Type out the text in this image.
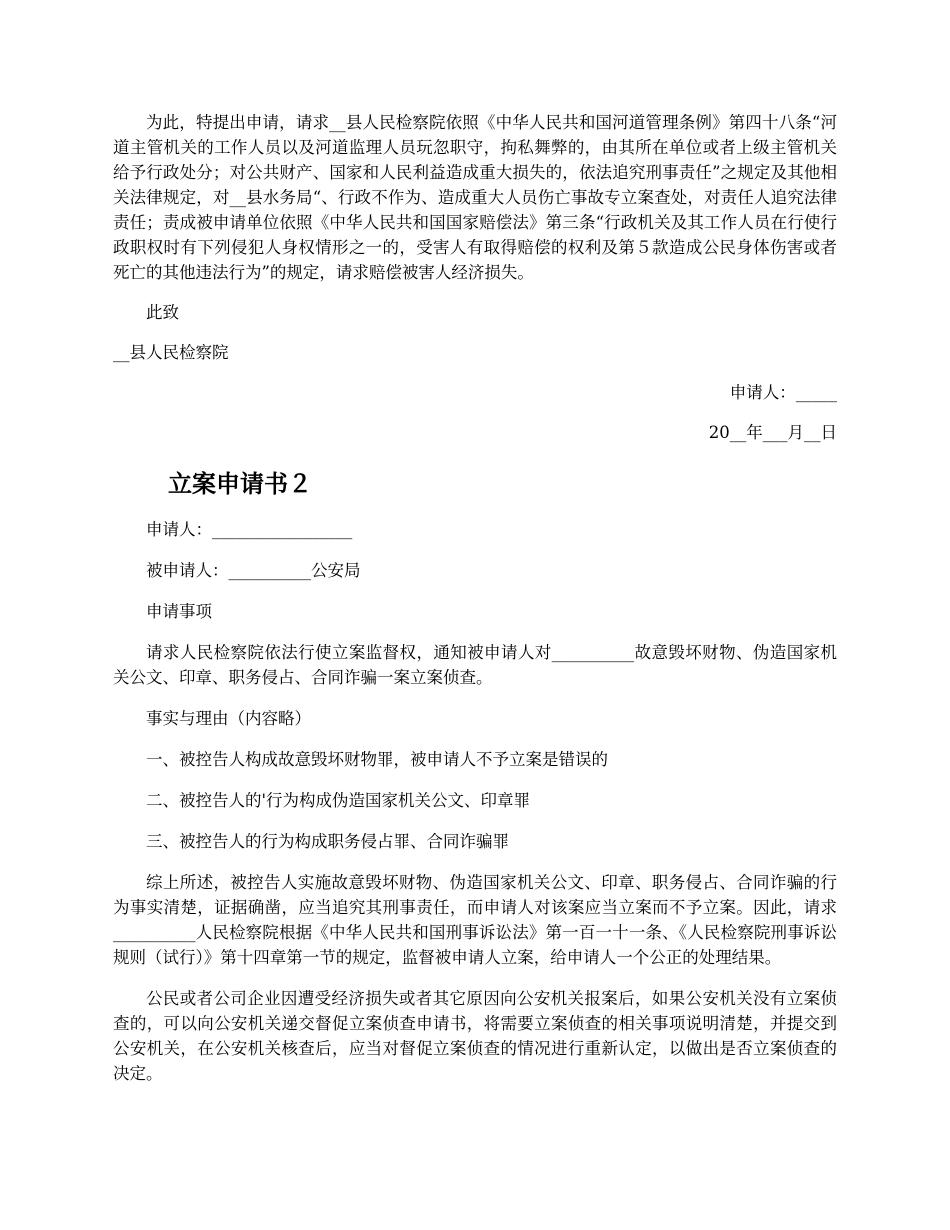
为此，特提出申请，请求__县人民检察院依照《中华人民共和国河道管理条例》第四十八条“河道主管机关的工作人员以及河道监理人员玩忽职守，拘私舞弊的，由其所在单位或者上级主管机关给予行政处分；对公共财产、国家和人民利益造成重大损失的，依法追究刑事责任”之规定及其他相关法律规定，对__县水务局“、行政不作为、造成重大人员伤亡事故专立案查处，对责任人追究法律责任；责成被申请单位依照《中华人民共和国国家赔偿法》第三条“行政机关及其工作人员在行使行政职权时有下列侵犯人身权情形之一的，受害人有取得赔偿的权利及第５款造成公民身体伤害或者死亡的其他违法行为”的规定，请求赔偿被害人经济损失。

此致

__县人民检察院

申请人：_____

20__年___月__日

立案申请书２

申请人：_________________

被申请人：__________公安局

申请事项

请求人民检察院依法行使立案监督权，通知被申请人对__________故意毁坏财物、伪造国家机关公文、印章、职务侵占、合同诈骗一案立案侦查。

事实与理由（内容略）

一、被控告人构成故意毁坏财物罪，被申请人不予立案是错误的

二、被控告人的'行为构成伪造国家机关公文、印章罪

三、被控告人的行为构成职务侵占罪、合同诈骗罪

综上所述，被控告人实施故意毁坏财物、伪造国家机关公文、印章、职务侵占、合同诈骗的行为事实清楚，证据确凿，应当追究其刑事责任，而申请人对该案应当立案而不予立案。因此，请求__________人民检察院根据《中华人民共和国刑事诉讼法》第一百一十一条、《人民检察院刑事诉讼规则（试行）》第十四章第一节的规定，监督被申请人立案，给申请人一个公正的处理结果。

公民或者公司企业因遭受经济损失或者其它原因向公安机关报案后，如果公安机关没有立案侦查的，可以向公安机关递交督促立案侦查申请书，将需要立案侦查的相关事项说明清楚，并提交到公安机关，在公安机关核查后，应当对督促立案侦查的情况进行重新认定，以做出是否立案侦查的决定。
